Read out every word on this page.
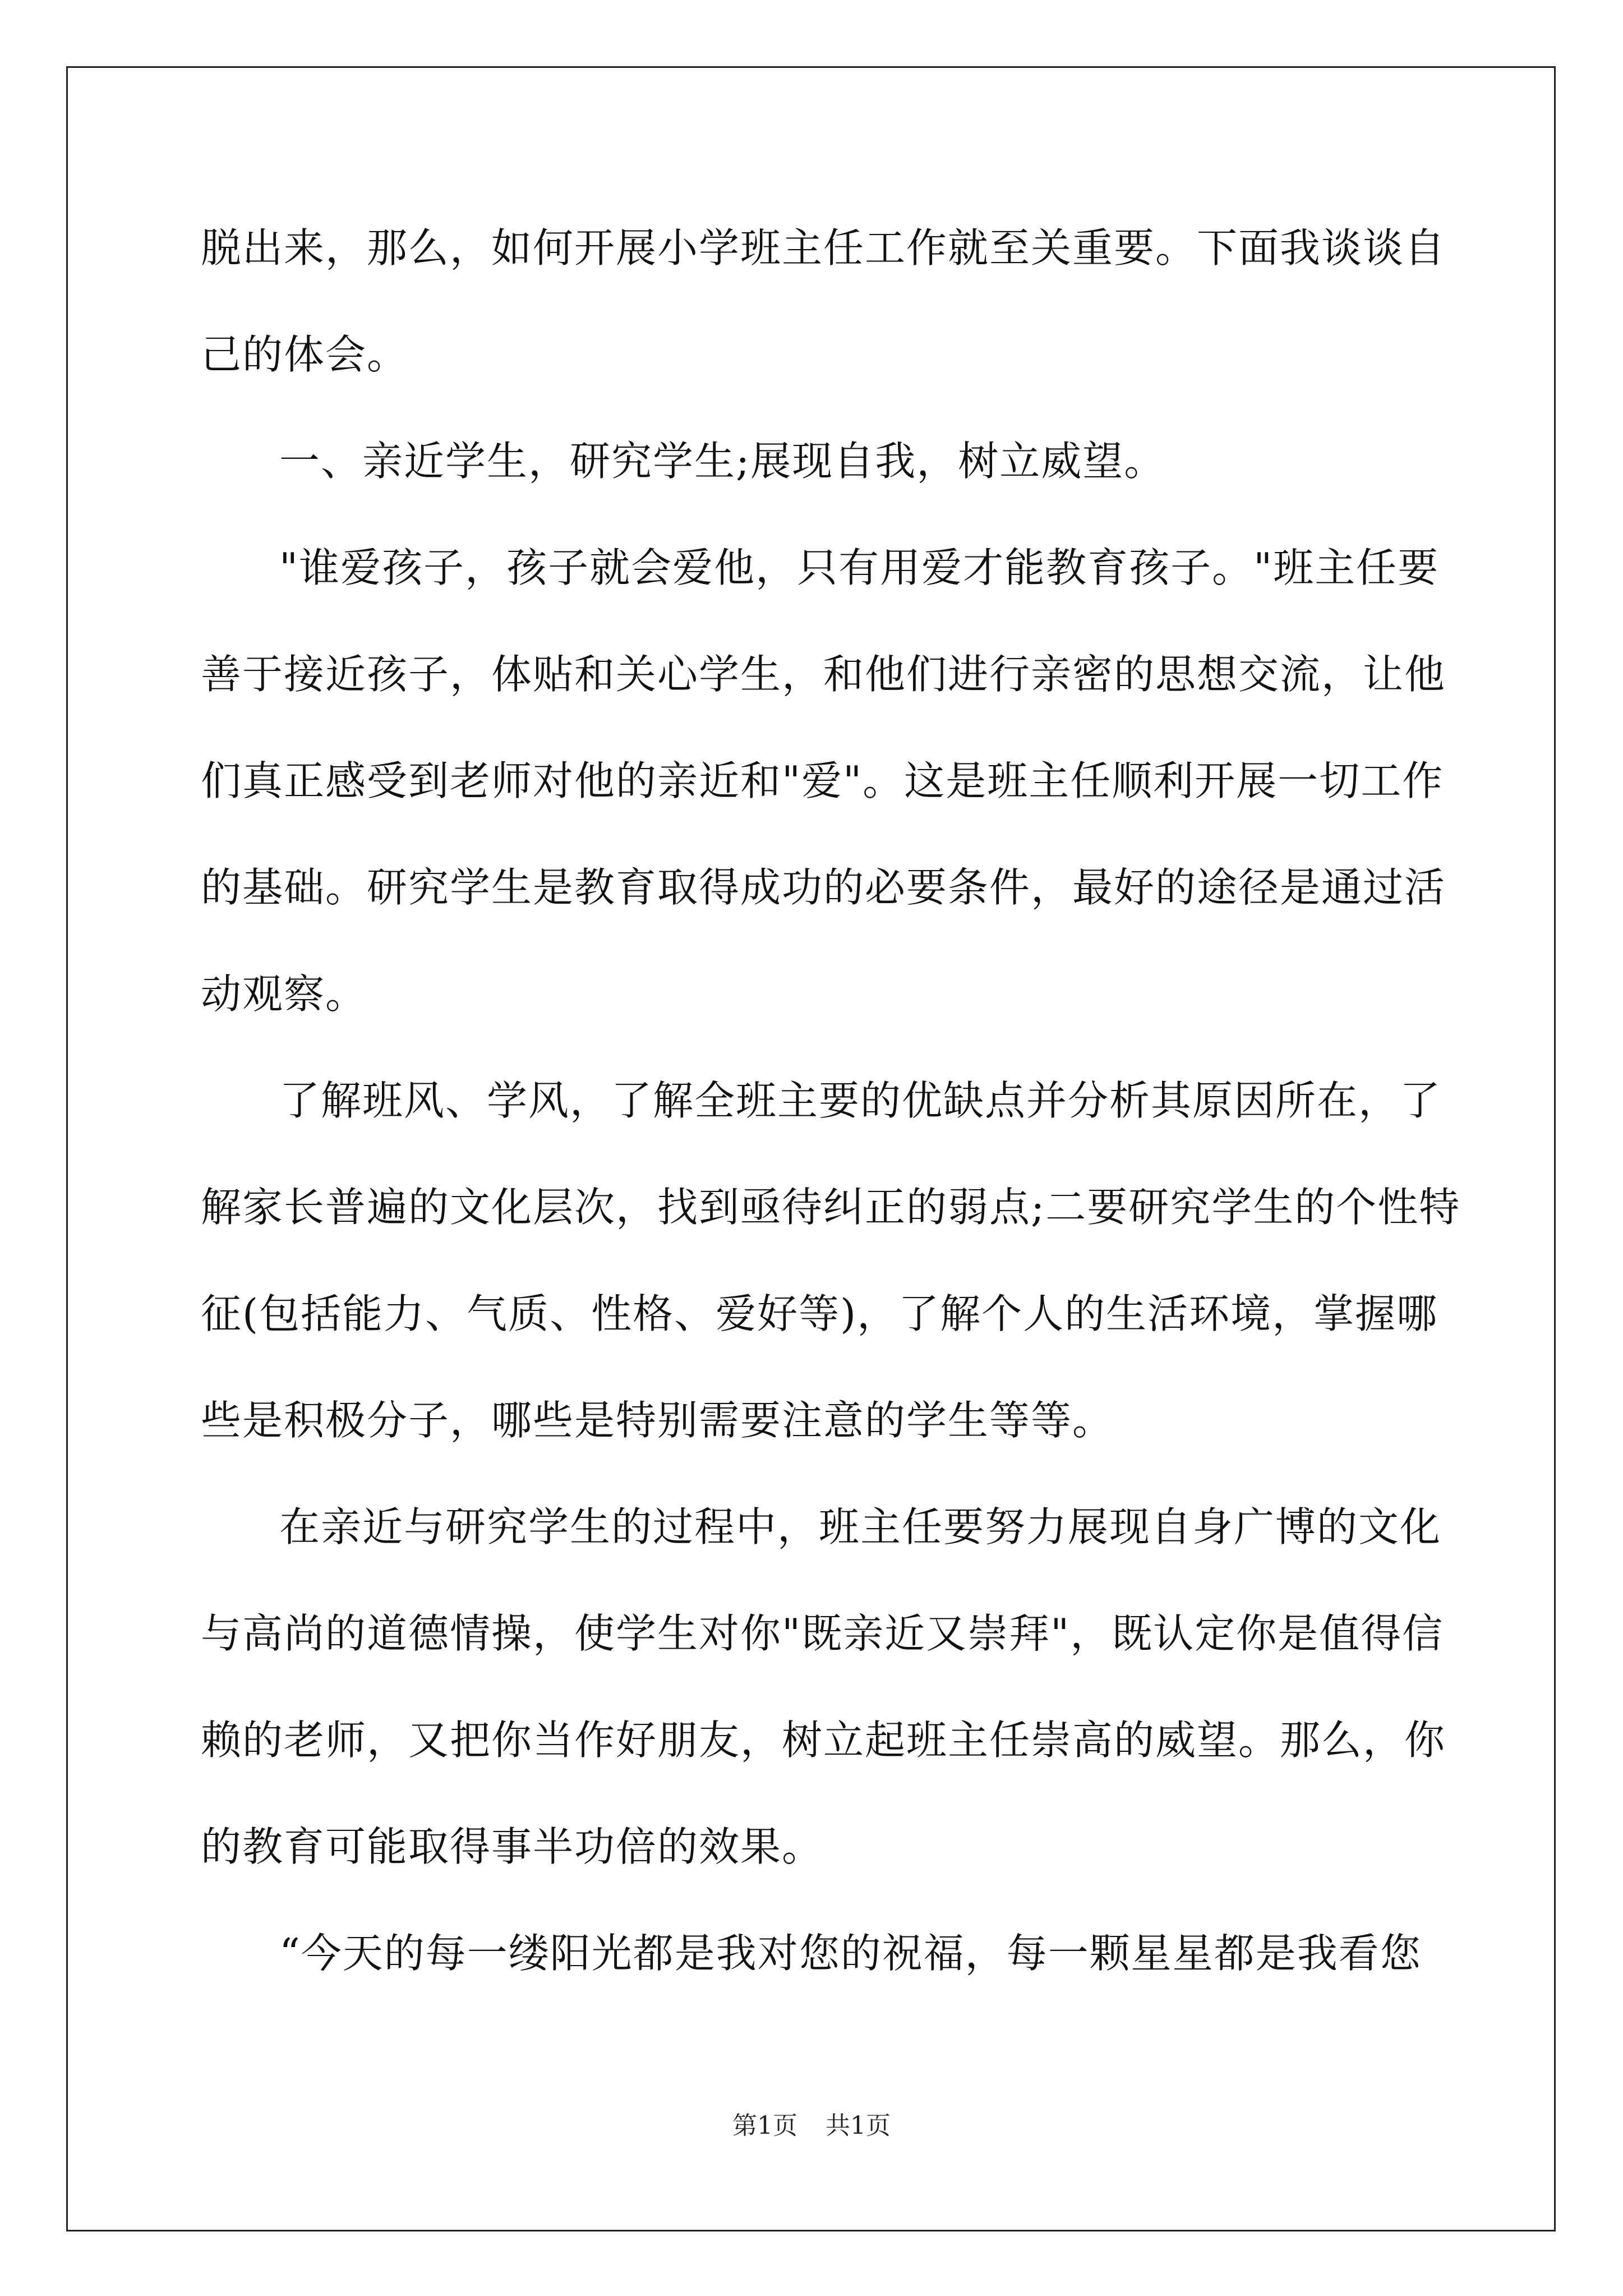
脱出来，那么，如何开展小学班主任工作就至关重要。下面我谈谈自
己的体会。
一、亲近学生，研究学生;展现自我，树立威望。
"谁爱孩子，孩子就会爱他，只有用爱才能教育孩子。"班主任要
善于接近孩子，体贴和关心学生，和他们进行亲密的思想交流，让他
们真正感受到老师对他的亲近和"爱"。这是班主任顺利开展一切工作
的基础。研究学生是教育取得成功的必要条件，最好的途径是通过活
动观察。
了解班风、学风，了解全班主要的优缺点并分析其原因所在，了
解家长普遍的文化层次，找到亟待纠正的弱点;二要研究学生的个性特
征(包括能力、气质、性格、爱好等)，了解个人的生活环境，掌握哪
些是积极分子，哪些是特别需要注意的学生等等。
在亲近与研究学生的过程中，班主任要努力展现自身广博的文化
与高尚的道德情操，使学生对你"既亲近又崇拜"，既认定你是值得信
赖的老师，又把你当作好朋友，树立起班主任崇高的威望。那么，你
的教育可能取得事半功倍的效果。
“今天的每一缕阳光都是我对您的祝福，每一颗星星都是我看您
第1页 共1页
